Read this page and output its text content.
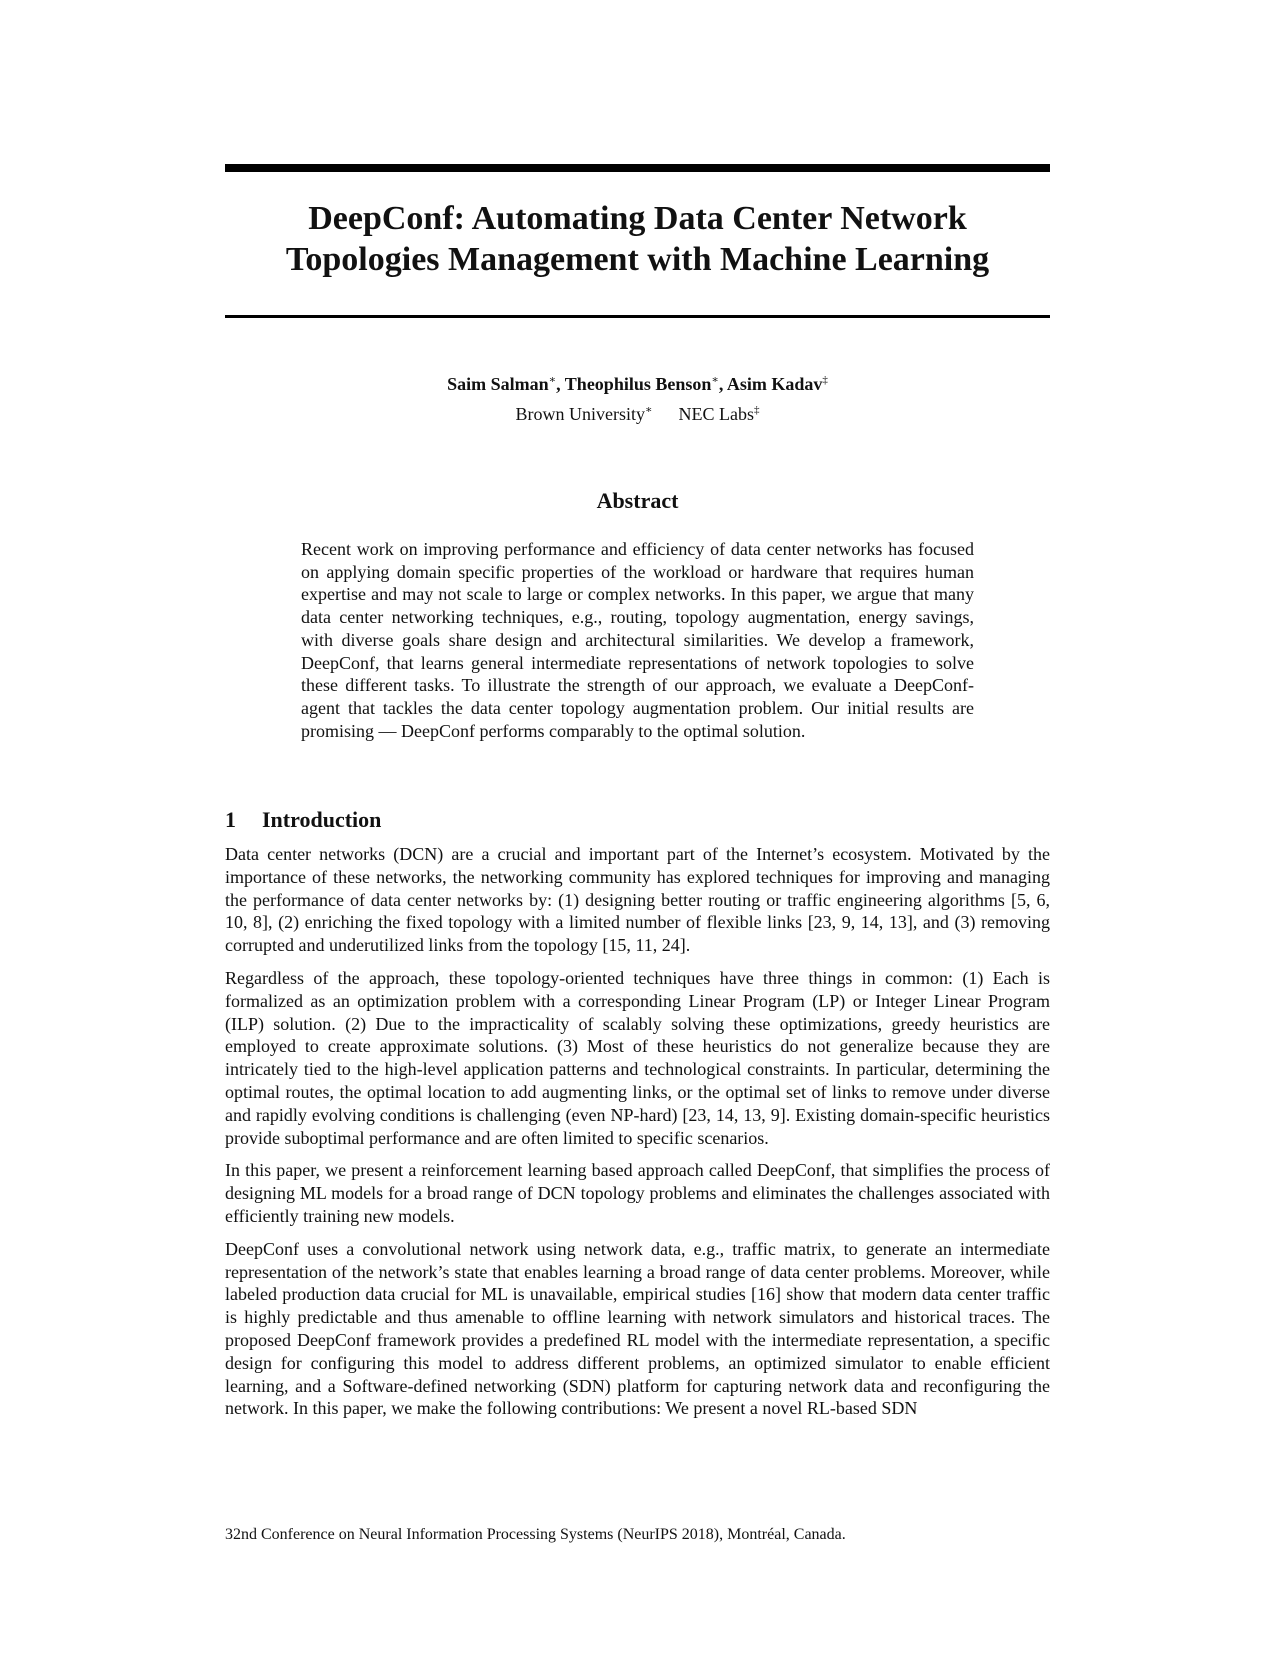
DeepConf: Automating Data Center Network
Topologies Management with Machine Learning
Saim Salman∗, Theophilus Benson∗, Asim Kadav‡
Brown University∗ NEC Labs‡
Abstract

Recent work on improving performance and efficiency of data center networks has focused on applying domain specific properties of the workload or hardware that requires human expertise and may not scale to large or complex networks. In this paper, we argue that many data center networking techniques, e.g., routing, topology augmentation, energy savings, with diverse goals share design and architectural similarities. We develop a framework, DeepConf, that learns general intermediate representations of network topologies to solve these different tasks. To illustrate the strength of our approach, we evaluate a DeepConf-agent that tackles the data center topology augmentation problem. Our initial results are promising — DeepConf performs comparably to the optimal solution.

1 Introduction

Data center networks (DCN) are a crucial and important part of the Internet’s ecosystem. Motivated by the importance of these networks, the networking community has explored techniques for improving and managing the performance of data center networks by: (1) designing better routing or traffic engineering algorithms [5, 6, 10, 8], (2) enriching the fixed topology with a limited number of flexible links [23, 9, 14, 13], and (3) removing corrupted and underutilized links from the topology [15, 11, 24].

Regardless of the approach, these topology-oriented techniques have three things in common: (1) Each is formalized as an optimization problem with a corresponding Linear Program (LP) or Integer Linear Program (ILP) solution. (2) Due to the impracticality of scalably solving these optimizations, greedy heuristics are employed to create approximate solutions. (3) Most of these heuristics do not generalize because they are intricately tied to the high-level application patterns and technological constraints. In particular, determining the optimal routes, the optimal location to add augmenting links, or the optimal set of links to remove under diverse and rapidly evolving conditions is challenging (even NP-hard) [23, 14, 13, 9]. Existing domain-specific heuristics provide suboptimal performance and are often limited to specific scenarios.

In this paper, we present a reinforcement learning based approach called DeepConf, that simplifies the process of designing ML models for a broad range of DCN topology problems and eliminates the challenges associated with efficiently training new models.

DeepConf uses a convolutional network using network data, e.g., traffic matrix, to generate an intermediate representation of the network’s state that enables learning a broad range of data center problems. Moreover, while labeled production data crucial for ML is unavailable, empirical studies [16] show that modern data center traffic is highly predictable and thus amenable to offline learning with network simulators and historical traces. The proposed DeepConf framework provides a predefined RL model with the intermediate representation, a specific design for configuring this model to address different problems, an optimized simulator to enable efficient learning, and a Software-defined networking (SDN) platform for capturing network data and reconfiguring the network. In this paper, we make the following contributions: We present a novel RL-based SDN

32nd Conference on Neural Information Processing Systems (NeurIPS 2018), Montréal, Canada.
